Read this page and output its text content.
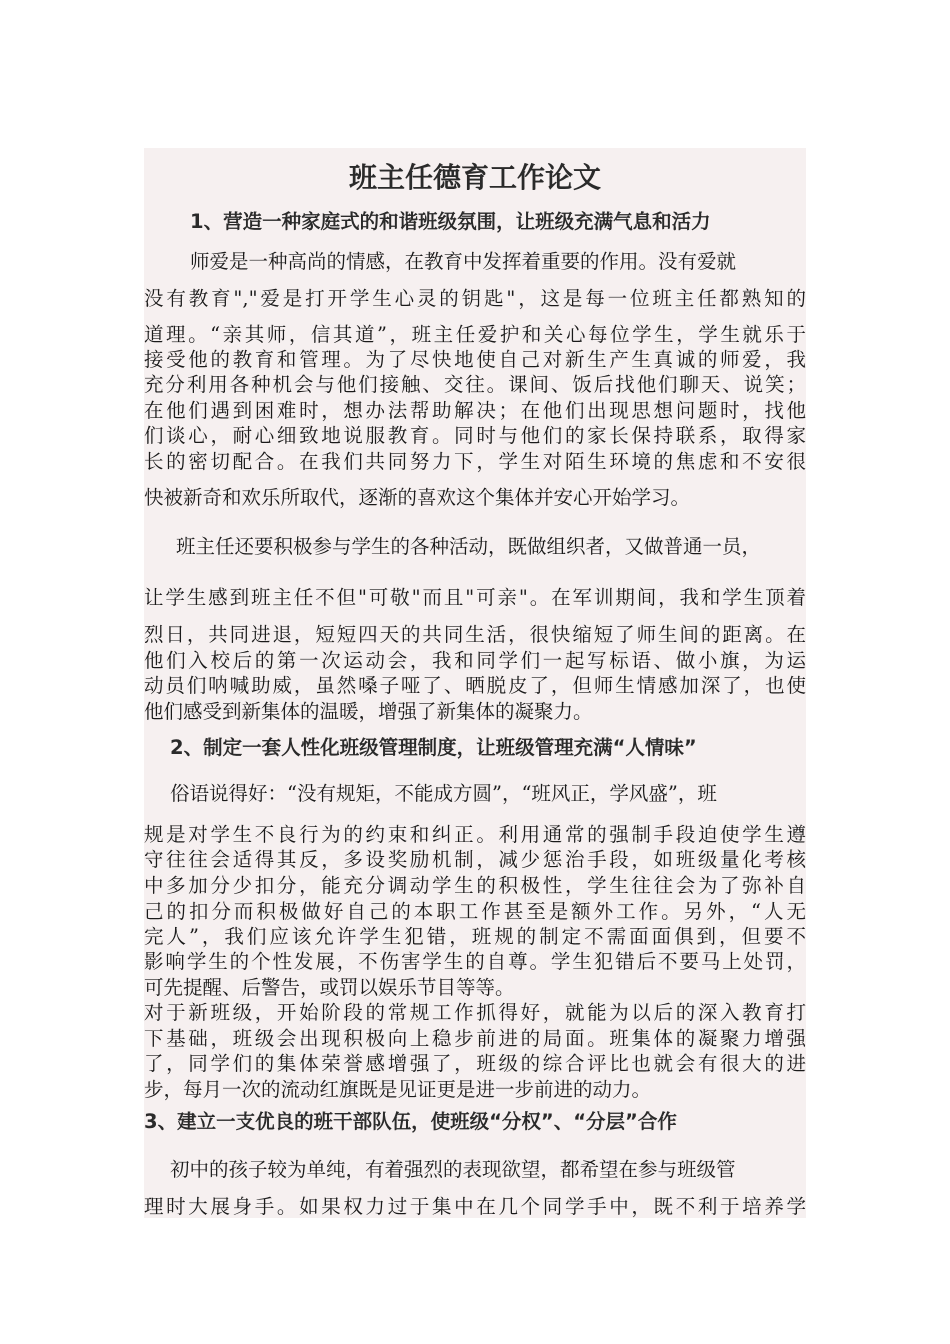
班主任德育工作论文
1、营造一种家庭式的和谐班级氛围，让班级充满气息和活力
师爱是一种高尚的情感，在教育中发挥着重要的作用。没有爱就
没有教育","爱是打开学生心灵的钥匙"，这是每一位班主任都熟知的
道理。“亲其师，信其道”，班主任爱护和关心每位学生，学生就乐于
接受他的教育和管理。为了尽快地使自己对新生产生真诚的师爱，我
充分利用各种机会与他们接触、交往。课间、饭后找他们聊天、说笑；
在他们遇到困难时，想办法帮助解决；在他们出现思想问题时，找他
们谈心，耐心细致地说服教育。同时与他们的家长保持联系，取得家
长的密切配合。在我们共同努力下，学生对陌生环境的焦虑和不安很
快被新奇和欢乐所取代，逐渐的喜欢这个集体并安心开始学习。
班主任还要积极参与学生的各种活动，既做组织者，又做普通一员，
让学生感到班主任不但"可敬"而且"可亲"。在军训期间，我和学生顶着
烈日，共同进退，短短四天的共同生活，很快缩短了师生间的距离。在
他们入校后的第一次运动会，我和同学们一起写标语、做小旗，为运
动员们呐喊助威，虽然嗓子哑了、晒脱皮了，但师生情感加深了，也使
他们感受到新集体的温暖，增强了新集体的凝聚力。
2、制定一套人性化班级管理制度，让班级管理充满“人情味”
俗语说得好：“没有规矩，不能成方圆”，“班风正，学风盛”，班
规是对学生不良行为的约束和纠正。利用通常的强制手段迫使学生遵
守往往会适得其反，多设奖励机制，减少惩治手段，如班级量化考核
中多加分少扣分，能充分调动学生的积极性，学生往往会为了弥补自
己的扣分而积极做好自己的本职工作甚至是额外工作。另外，“人无
完人”，我们应该允许学生犯错，班规的制定不需面面俱到，但要不
影响学生的个性发展，不伤害学生的自尊。学生犯错后不要马上处罚，
可先提醒、后警告，或罚以娱乐节目等等。
对于新班级，开始阶段的常规工作抓得好，就能为以后的深入教育打
下基础，班级会出现积极向上稳步前进的局面。班集体的凝聚力增强
了，同学们的集体荣誉感增强了，班级的综合评比也就会有很大的进
步，每月一次的流动红旗既是见证更是进一步前进的动力。
3、建立一支优良的班干部队伍，使班级“分权”、“分层”合作
初中的孩子较为单纯，有着强烈的表现欲望，都希望在参与班级管
理时大展身手。如果权力过于集中在几个同学手中，既不利于培养学
